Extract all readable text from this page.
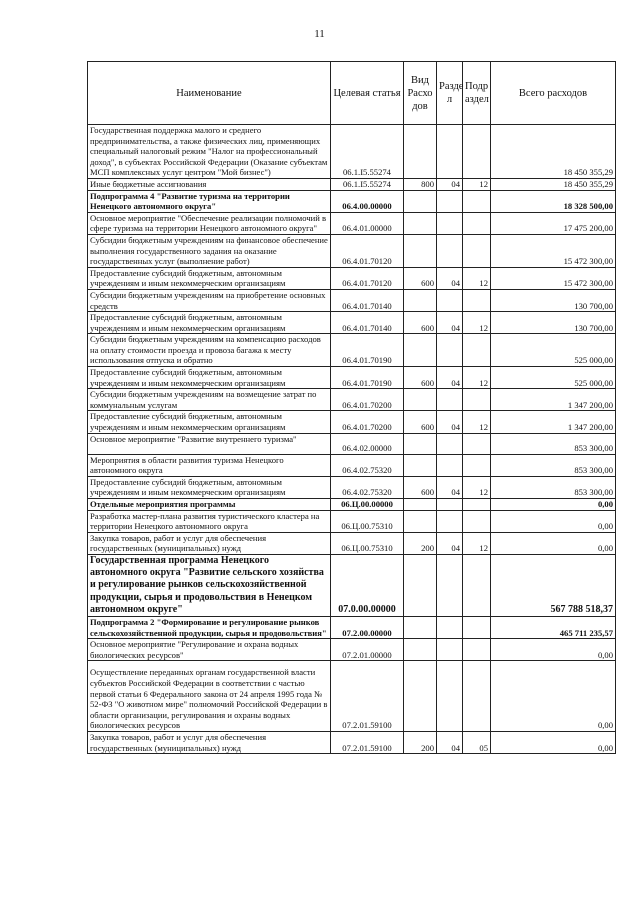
11
Наименование	Целевая статья	Вид Расхо дов	Разде л	Подр аздел	Всего расходов
Государственная поддержка малого и среднего предпринимательства, а также физических лиц, применяющих специальный налоговый режим "Налог на профессиональный доход", в субъектах Российской Федерации (Оказание субъектам МСП комплексных услуг центром "Мой бизнес")	06.1.I5.55274				18 450 355,29
Иные бюджетные ассигнования	06.1.I5.55274	800	04	12	18 450 355,29
Подпрограмма 4 "Развитие туризма на территории Ненецкого автономного округа"	06.4.00.00000				18 328 500,00
Основное мероприятие "Обеспечение реализации полномочий в сфере туризма на территории Ненецкого автономного округа"	06.4.01.00000				17 475 200,00
Субсидии бюджетным учреждениям на финансовое обеспечение выполнения государственного задания на оказание государственных услуг (выполнение работ)	06.4.01.70120				15 472 300,00
Предоставление субсидий бюджетным, автономным учреждениям и иным некоммерческим организациям	06.4.01.70120	600	04	12	15 472 300,00
Субсидии бюджетным учреждениям на приобретение основных средств	06.4.01.70140				130 700,00
Предоставление субсидий бюджетным, автономным учреждениям и иным некоммерческим организациям	06.4.01.70140	600	04	12	130 700,00
Субсидии бюджетным учреждениям на компенсацию расходов на оплату стоимости проезда и провоза багажа к месту использования отпуска и обратно	06.4.01.70190				525 000,00
Предоставление субсидий бюджетным, автономным учреждениям и иным некоммерческим организациям	06.4.01.70190	600	04	12	525 000,00
Субсидии бюджетным учреждениям на возмещение затрат по коммунальным услугам	06.4.01.70200				1 347 200,00
Предоставление субсидий бюджетным, автономным учреждениям и иным некоммерческим организациям	06.4.01.70200	600	04	12	1 347 200,00
Основное мероприятие "Развитие внутреннего туризма"	06.4.02.00000				853 300,00
Мероприятия в области развития туризма Ненецкого автономного округа	06.4.02.75320				853 300,00
Предоставление субсидий бюджетным, автономным учреждениям и иным некоммерческим организациям	06.4.02.75320	600	04	12	853 300,00
Отдельные мероприятия программы	06.Ц.00.00000				0,00
Разработка мастер-плана развития туристического кластера на территории Ненецкого автономного округа	06.Ц.00.75310				0,00
Закупка товаров, работ и услуг для обеспечения государственных (муниципальных) нужд	06.Ц.00.75310	200	04	12	0,00
Государственная программа Ненецкого автономного округа "Развитие сельского хозяйства и регулирование рынков сельскохозяйственной продукции, сырья и продовольствия в Ненецком автономном округе"	07.0.00.00000				567 788 518,37
Подпрограмма 2 "Формирование и регулирование рынков сельскохозяйственной продукции, сырья и продовольствия"	07.2.00.00000				465 711 235,57
Основное мероприятие "Регулирование и охрана водных биологических ресурсов"	07.2.01.00000				0,00
Осуществление переданных органам государственной власти субъектов Российской Федерации в соответствии с частью первой статьи 6 Федерального закона от 24 апреля 1995 года № 52-ФЗ "О животном мире" полномочий Российской Федерации в области организации, регулирования и охраны водных биологических ресурсов	07.2.01.59100				0,00
Закупка товаров, работ и услуг для обеспечения государственных (муниципальных) нужд	07.2.01.59100	200	04	05	0,00
